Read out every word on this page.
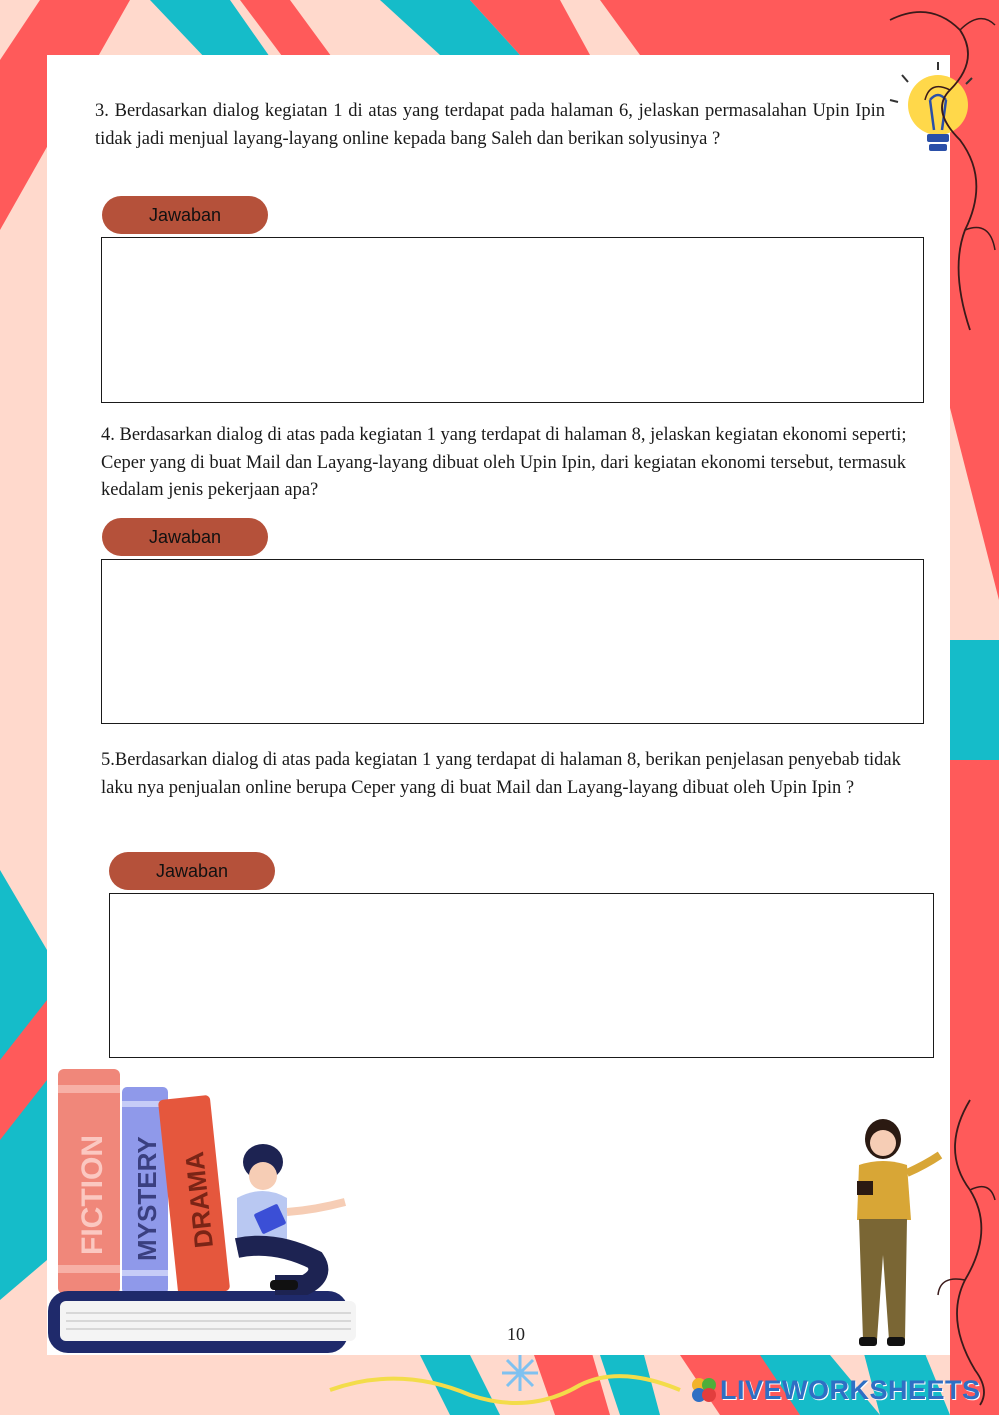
3. Berdasarkan dialog kegiatan 1 di atas yang terdapat pada halaman 6, jelaskan permasalahan Upin Ipin tidak jadi menjual layang-layang online kepada bang Saleh dan berikan solyusinya ?

Jawaban

4. Berdasarkan dialog di atas pada kegiatan 1 yang terdapat di halaman 8, jelaskan kegiatan ekonomi seperti; Ceper yang di buat Mail dan Layang-layang dibuat oleh Upin Ipin, dari kegiatan ekonomi tersebut, termasuk kedalam jenis pekerjaan apa?

Jawaban

5.Berdasarkan dialog di atas pada kegiatan 1 yang terdapat di halaman 8, berikan penjelasan penyebab tidak laku nya penjualan online berupa Ceper yang di buat Mail dan Layang-layang dibuat oleh Upin Ipin ?

Jawaban
FICTION MYSTERY DRAMA
10
LIVEWORKSHEETS
